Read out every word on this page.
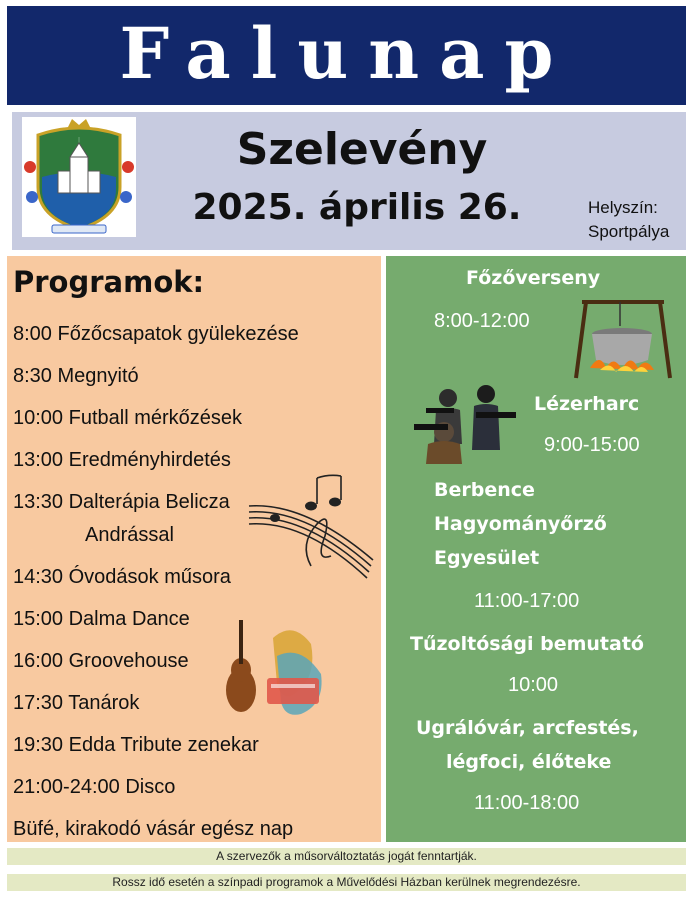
Falunap
Szelevény
2025. április 26.	Helyszín:
Sportpálya
Programok:
8:00 Főzőcsapatok gyülekezése
8:30 Megnyitó
10:00 Futball mérkőzések
13:00 Eredményhirdetés
13:30 Dalterápia Belicza
Andrással
14:30 Óvodások műsora
15:00 Dalma Dance
16:00 Groovehouse
17:30 Tanárok
19:30 Edda Tribute zenekar
21:00-24:00 Disco
Büfé, kirakodó vásár egész nap
Főzőverseny
8:00-12:00
Lézerharc
9:00-15:00
Berbence
Hagyományőrző
Egyesület
11:00-17:00
Tűzoltósági bemutató
10:00
Ugrálóvár, arcfestés,
légfoci, élőteke
11:00-18:00
A szervezők a műsorváltoztatás jogát fenntartják.
Rossz idő esetén a színpadi programok a Művelődési Házban kerülnek megrendezésre.
